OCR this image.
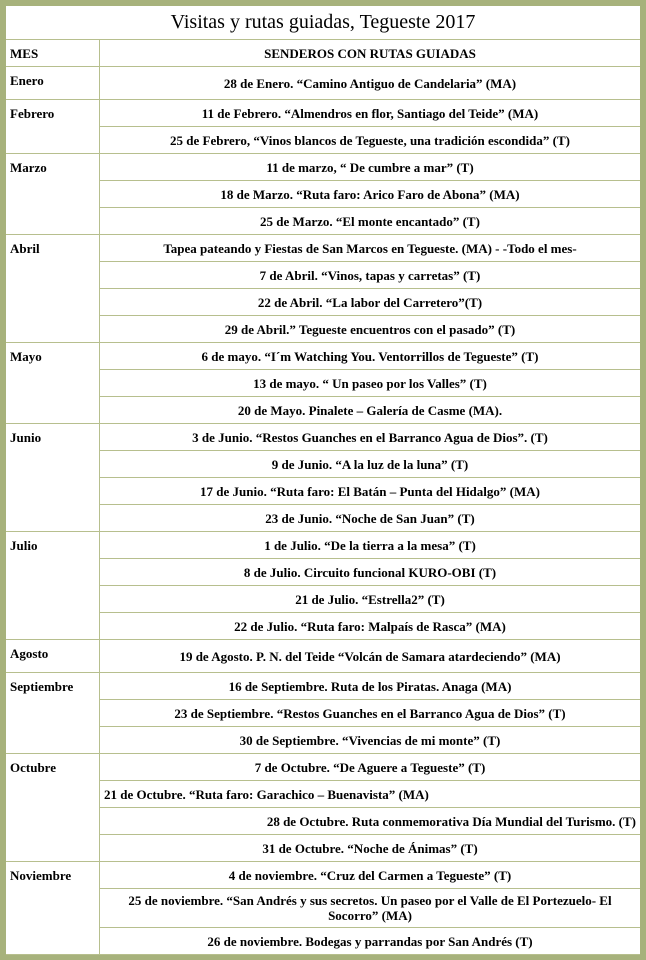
Visitas y rutas guiadas, Tegueste 2017
MES	SENDEROS CON RUTAS GUIADAS
Enero	28 de Enero. “Camino Antiguo de Candelaria” (MA)
Febrero	11 de Febrero. “Almendros en flor, Santiago del Teide” (MA)
	25 de Febrero, “Vinos blancos de Tegueste, una tradición escondida” (T)
Marzo	11 de marzo, “ De cumbre a mar” (T)
	18 de Marzo. “Ruta faro: Arico Faro de Abona” (MA)
	25 de Marzo. “El monte encantado” (T)
Abril	Tapea pateando y Fiestas de San Marcos en Tegueste. (MA) - -Todo el mes-
	7 de Abril. “Vinos, tapas y carretas” (T)
	22 de Abril. “La labor del Carretero”(T)
	29 de Abril.” Tegueste encuentros con el pasado” (T)
Mayo	6 de mayo. “I´m Watching You. Ventorrillos de Tegueste” (T)
	13 de mayo. “ Un paseo por los Valles” (T)
	20 de Mayo. Pinalete – Galería de Casme (MA).
Junio	3 de Junio. “Restos Guanches en el Barranco Agua de Dios”. (T)
	9 de Junio. “A la luz de la luna” (T)
	17 de Junio. “Ruta faro: El Batán – Punta del Hidalgo” (MA)
	23 de Junio. “Noche de San Juan” (T)
Julio	1 de Julio. “De la tierra a la mesa” (T)
	8 de Julio. Circuito funcional KURO-OBI (T)
	21 de Julio. “Estrella2” (T)
	22 de Julio. “Ruta faro: Malpaís de Rasca” (MA)
Agosto	19 de Agosto. P. N. del Teide “Volcán de Samara atardeciendo” (MA)
Septiembre	16 de Septiembre. Ruta de los Piratas. Anaga (MA)
	23 de Septiembre. “Restos Guanches en el Barranco Agua de Dios” (T)
	30 de Septiembre. “Vivencias de mi monte” (T)
Octubre	7 de Octubre. “De Aguere a Tegueste” (T)
	21 de Octubre. “Ruta faro: Garachico – Buenavista” (MA)
	28 de Octubre. Ruta conmemorativa Día Mundial del Turismo. (T)
	31 de Octubre. “Noche de Ánimas” (T)
Noviembre	4 de noviembre. “Cruz del Carmen a Tegueste” (T)
	25 de noviembre. “San Andrés y sus secretos. Un paseo por el Valle de El Portezuelo- El Socorro” (MA)
	26 de noviembre. Bodegas y parrandas por San Andrés (T)
